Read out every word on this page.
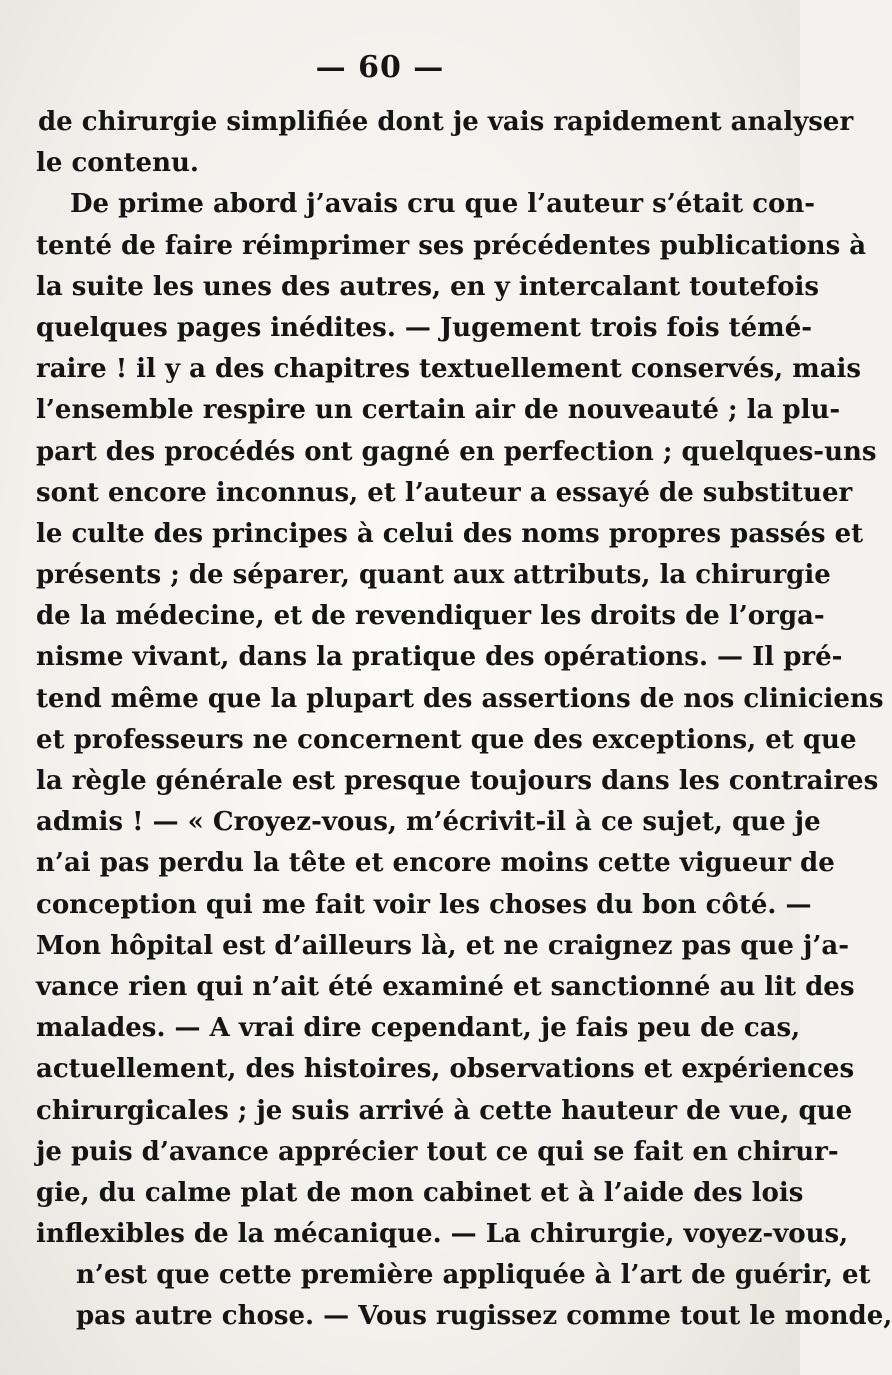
— 60 —
de chirurgie simplifiée dont je vais rapidement analyser
le contenu.
De prime abord j’avais cru que l’auteur s’était con-
tenté de faire réimprimer ses précédentes publications à
la suite les unes des autres, en y intercalant toutefois
quelques pages inédites. — Jugement trois fois témé-
raire ! il y a des chapitres textuellement conservés, mais
l’ensemble respire un certain air de nouveauté ; la plu-
part des procédés ont gagné en perfection ; quelques-uns
sont encore inconnus, et l’auteur a essayé de substituer
le culte des principes à celui des noms propres passés et
présents ; de séparer, quant aux attributs, la chirurgie
de la médecine, et de revendiquer les droits de l’orga-
nisme vivant, dans la pratique des opérations. — Il pré-
tend même que la plupart des assertions de nos cliniciens
et professeurs ne concernent que des exceptions, et que
la règle générale est presque toujours dans les contraires
admis ! — « Croyez-vous, m’écrivit-il à ce sujet, que je
n’ai pas perdu la tête et encore moins cette vigueur de
conception qui me fait voir les choses du bon côté. —
Mon hôpital est d’ailleurs là, et ne craignez pas que j’a-
vance rien qui n’ait été examiné et sanctionné au lit des
malades. — A vrai dire cependant, je fais peu de cas,
actuellement, des histoires, observations et expériences
chirurgicales ; je suis arrivé à cette hauteur de vue, que
je puis d’avance apprécier tout ce qui se fait en chirur-
gie, du calme plat de mon cabinet et à l’aide des lois
inflexibles de la mécanique. — La chirurgie, voyez-vous,
n’est que cette première appliquée à l’art de guérir, et
pas autre chose. — Vous rugissez comme tout le monde,
